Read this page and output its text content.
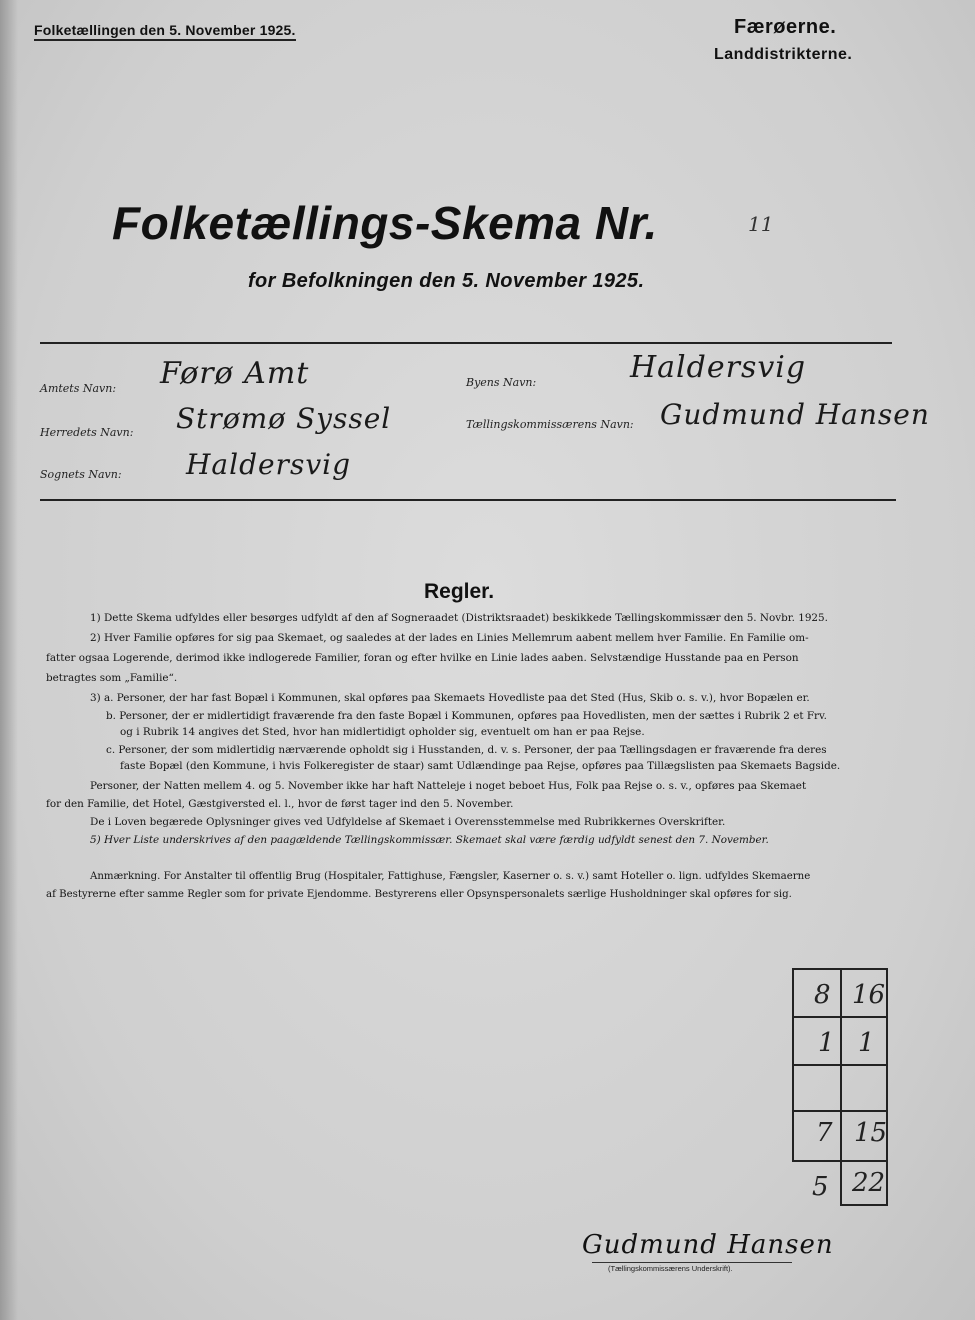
Folketællingen den 5. November 1925.	Færøerne.
Landdistrikterne.
Folketællings-Skema Nr.	11
for Befolkningen den 5. November 1925.
Amtets Navn: Førø Amt
Herredets Navn: Strømø Syssel
Sognets Navn: Haldersvig
Byens Navn:	Haldersvig
Tællingskommissærens Navn: Gudmund Hansen
Regler.
1) Dette Skema udfyldes eller besørges udfyldt af den af Sogneraadet (Distriktsraadet) beskikkede Tællingskommissær den 5. Novbr. 1925.
2) Hver Familie opføres for sig paa Skemaet, og saaledes at der lades en Linies Mellemrum aabent mellem hver Familie. En Familie om-
fatter ogsaa Logerende, derimod ikke indlogerede Familier, foran og efter hvilke en Linie lades aaben. Selvstændige Husstande paa en Person
betragtes som „Familie“.
3) a. Personer, der har fast Bopæl i Kommunen, skal opføres paa Skemaets Hovedliste paa det Sted (Hus, Skib o. s. v.), hvor Bopælen er.
b. Personer, der er midlertidigt fraværende fra den faste Bopæl i Kommunen, opføres paa Hovedlisten, men der sættes i Rubrik 2 et Frv.
og i Rubrik 14 angives det Sted, hvor han midlertidigt opholder sig, eventuelt om han er paa Rejse.
c. Personer, der som midlertidig nærværende opholdt sig i Husstanden, d. v. s. Personer, der paa Tællingsdagen er fraværende fra deres
faste Bopæl (den Kommune, i hvis Folkeregister de staar) samt Udlændinge paa Rejse, opføres paa Tillægslisten paa Skemaets Bagside.
Personer, der Natten mellem 4. og 5. November ikke har haft Natteleje i noget beboet Hus, Folk paa Rejse o. s. v., opføres paa Skemaet
for den Familie, det Hotel, Gæstgiversted el. l., hvor de først tager ind den 5. November.
De i Loven begærede Oplysninger gives ved Udfyldelse af Skemaet i Overensstemmelse med Rubrikkernes Overskrifter.
5) Hver Liste underskrives af den paagældende Tællingskommissær. Skemaet skal være færdig udfyldt senest den 7. November.
Anmærkning. For Anstalter til offentlig Brug (Hospitaler, Fattighuse, Fængsler, Kaserner o. s. v.) samt Hoteller o. lign. udfyldes Skemaerne
af Bestyrerne efter samme Regler som for private Ejendomme. Bestyrerens eller Opsynspersonalets særlige Husholdninger skal opføres for sig.
8 16
1 1
7 15
5 22
Gudmund Hansen
(Tællingskommissærens Underskrift).
